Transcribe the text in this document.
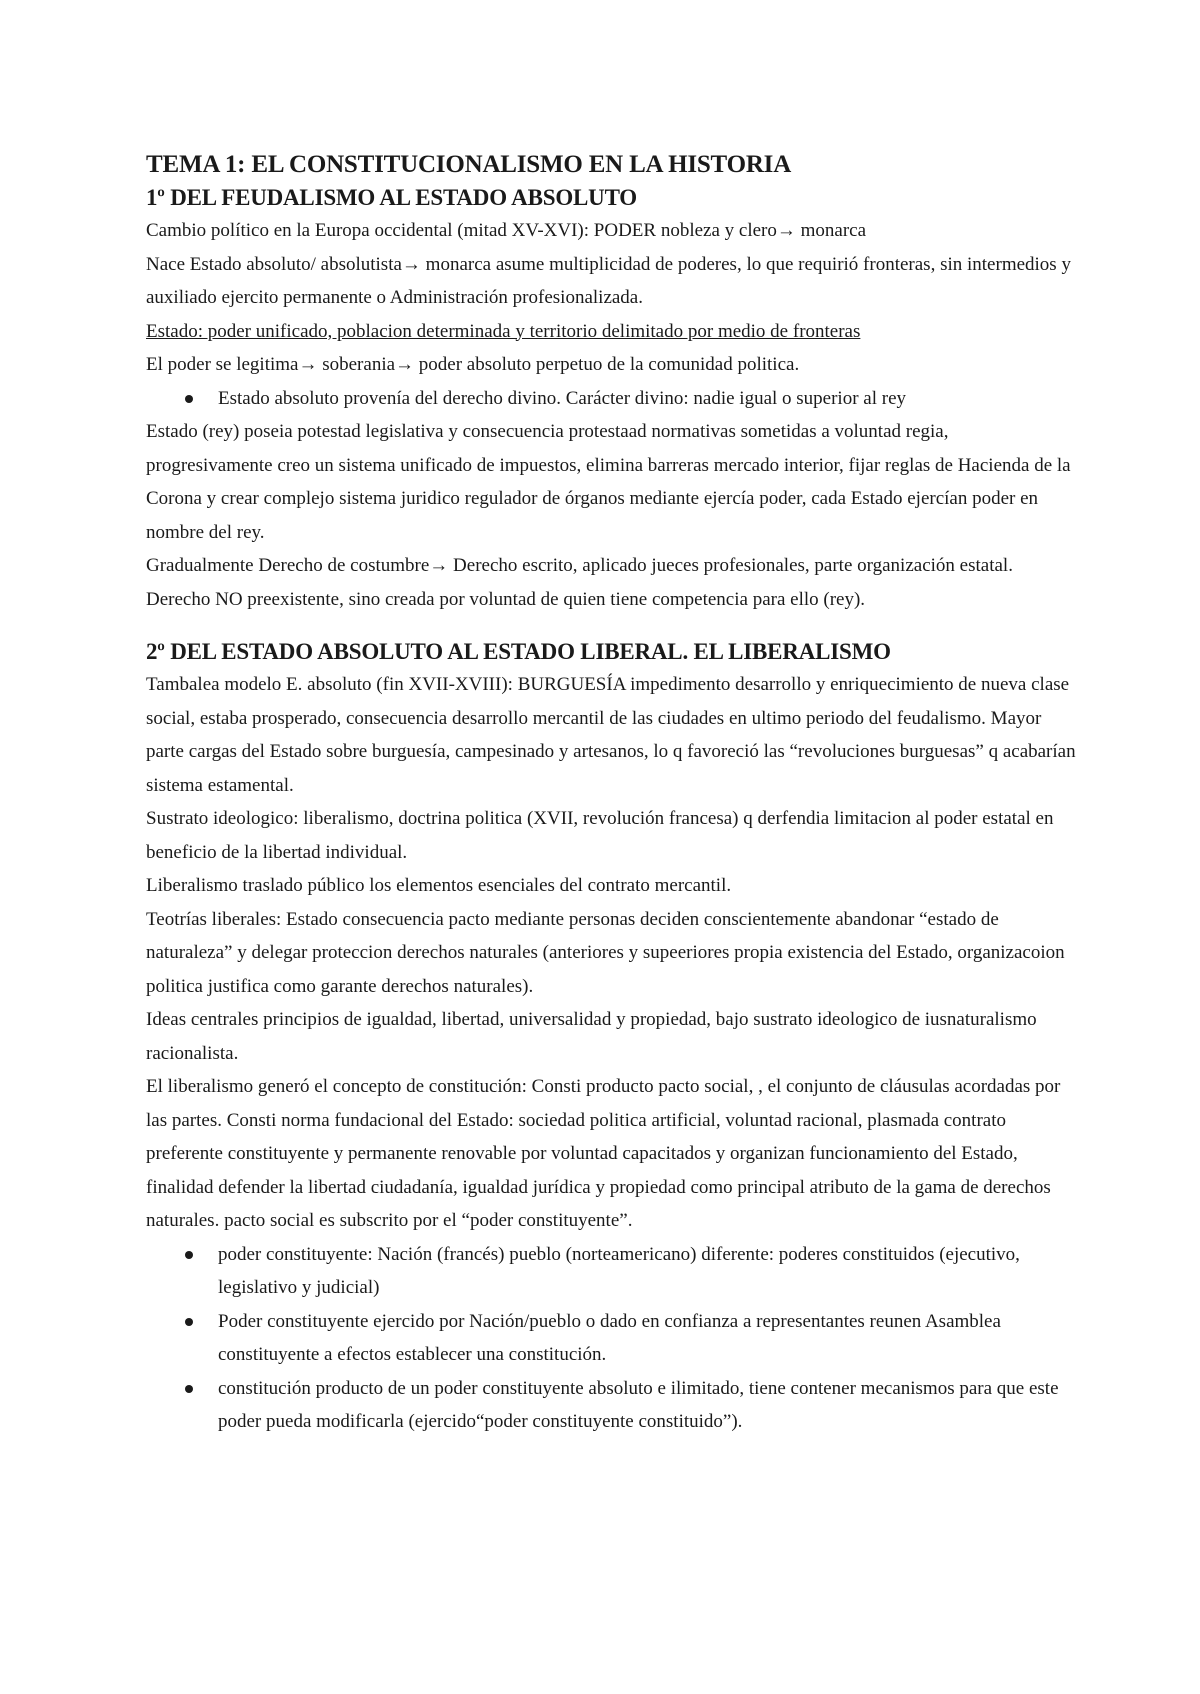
TEMA 1: EL CONSTITUCIONALISMO EN LA HISTORIA
1º DEL FEUDALISMO AL ESTADO ABSOLUTO

Cambio político en la Europa occidental (mitad XV-XVI): PODER nobleza y clero→ monarca

Nace Estado absoluto/ absolutista→ monarca asume multiplicidad de poderes, lo que requirió fronteras, sin intermedios y auxiliado ejercito permanente o Administración profesionalizada.

Estado: poder unificado, poblacion determinada y territorio delimitado por medio de fronteras

El poder se legitima→ soberania→ poder absoluto perpetuo de la comunidad politica.

Estado absoluto provenía del derecho divino. Carácter divino: nadie igual o superior al rey

Estado (rey) poseia potestad legislativa y consecuencia protestaad normativas sometidas a voluntad regia, progresivamente creo un sistema unificado de impuestos, elimina barreras mercado interior, fijar reglas de Hacienda de la Corona y crear complejo sistema juridico regulador de órganos mediante ejercía poder, cada Estado ejercían poder en nombre del rey.

Gradualmente Derecho de costumbre→ Derecho escrito, aplicado jueces profesionales, parte organización estatal.

Derecho NO preexistente, sino creada por voluntad de quien tiene competencia para ello (rey).

2º DEL ESTADO ABSOLUTO AL ESTADO LIBERAL. EL LIBERALISMO

Tambalea modelo E. absoluto (fin XVII-XVIII): BURGUESÍA impedimento desarrollo y enriquecimiento de nueva clase social, estaba prosperado, consecuencia desarrollo mercantil de las ciudades en ultimo periodo del feudalismo. Mayor parte cargas del Estado sobre burguesía, campesinado y artesanos, lo q favoreció las “revoluciones burguesas” q acabarían sistema estamental.

Sustrato ideologico: liberalismo, doctrina politica (XVII, revolución francesa) q derfendia limitacion al poder estatal en beneficio de la libertad individual.

Liberalismo traslado público los elementos esenciales del contrato mercantil.

Teotrías liberales: Estado consecuencia pacto mediante personas deciden conscientemente abandonar “estado de naturaleza” y delegar proteccion derechos naturales (anteriores y supeeriores propia existencia del Estado, organizacoion politica justifica como garante derechos naturales).

Ideas centrales principios de igualdad, libertad, universalidad y propiedad, bajo sustrato ideologico de iusnaturalismo racionalista.

El liberalismo generó el concepto de constitución: Consti producto pacto social, , el conjunto de cláusulas acordadas por las partes. Consti norma fundacional del Estado: sociedad politica artificial, voluntad racional, plasmada contrato preferente constituyente y permanente renovable por voluntad capacitados y organizan funcionamiento del Estado, finalidad defender la libertad ciudadanía, igualdad jurídica y propiedad como principal atributo de la gama de derechos naturales. pacto social es subscrito por el “poder constituyente”.

poder constituyente: Nación (francés) pueblo (norteamericano) diferente: poderes constituidos (ejecutivo, legislativo y judicial)
Poder constituyente ejercido por Nación/pueblo o dado en confianza a representantes reunen Asamblea constituyente a efectos establecer una constitución.
constitución producto de un poder constituyente absoluto e ilimitado, tiene contener mecanismos para que este poder pueda modificarla (ejercido“poder constituyente constituido”).
